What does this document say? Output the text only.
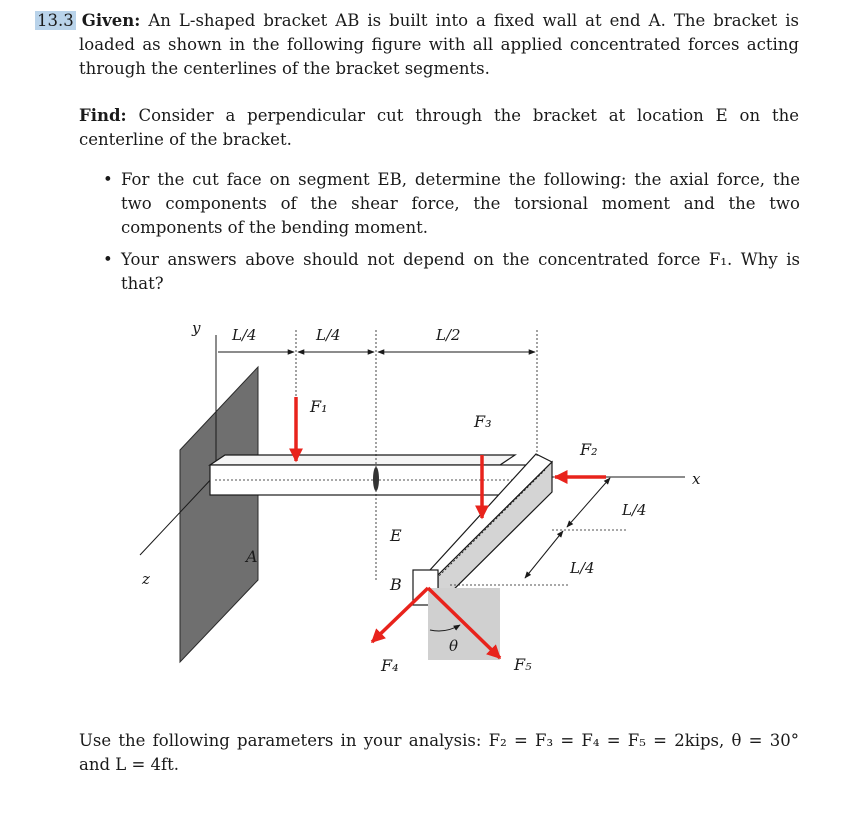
13.3 Given: An L-shaped bracket AB is built into a fixed wall at end A. The bracket is loaded as shown in the following figure with all applied concentrated forces acting through the centerlines of the bracket segments.
Find: Consider a perpendicular cut through the bracket at location E on the centerline of the bracket.
• For the cut face on segment EB, determine the following: the axial force, the two components of the shear force, the torsional moment and the two components of the bending moment.
• Your answers above should not depend on the concentrated force F₁. Why is that?
L/4	L/4	L/2
L/4
L/4
F₁
F₂
F₃
F₄	F₅
θ
x
y
z
A
B
E
Use the following parameters in your analysis: F₂ = F₃ = F₄ = F₅ = 2kips, θ = 30° and L = 4ft.
